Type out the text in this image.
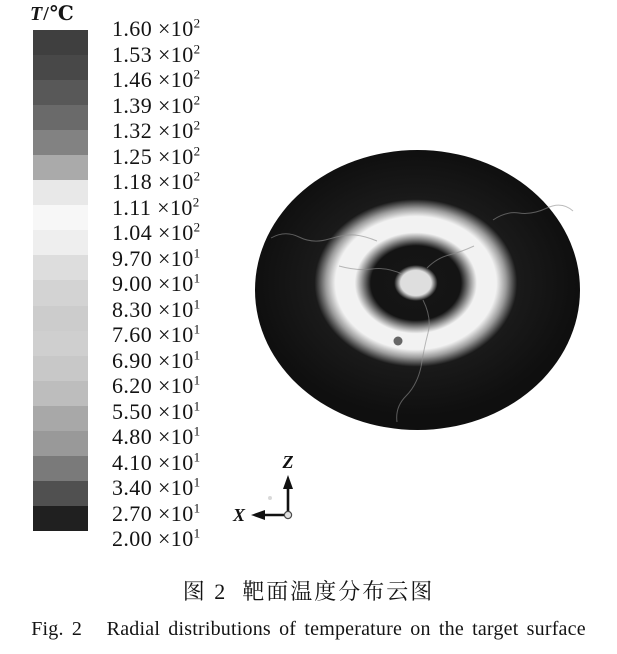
T/℃
$1.60 \times 10^2$
$1.53 \times 10^2$
$1.46 \times 10^2$
$1.39 \times 10^2$
$1.32 \times 10^2$
$1.25 \times 10^2$
$1.18 \times 10^2$
$1.11 \times 10^2$
$1.04 \times 10^2$
$9.70 \times 10^1$
$9.00 \times 10^1$
$8.30 \times 10^1$
$7.60 \times 10^1$
$6.90 \times 10^1$
$6.20 \times 10^1$
$5.50 \times 10^1$
$4.80 \times 10^1$
$4.10 \times 10^1$
$3.40 \times 10^1$
$2.70 \times 10^1$
$2.00 \times 10^1$
Z
X
图 2  靶面温度分布云图
Fig. 2   Radial distributions of temperature on the target surface
